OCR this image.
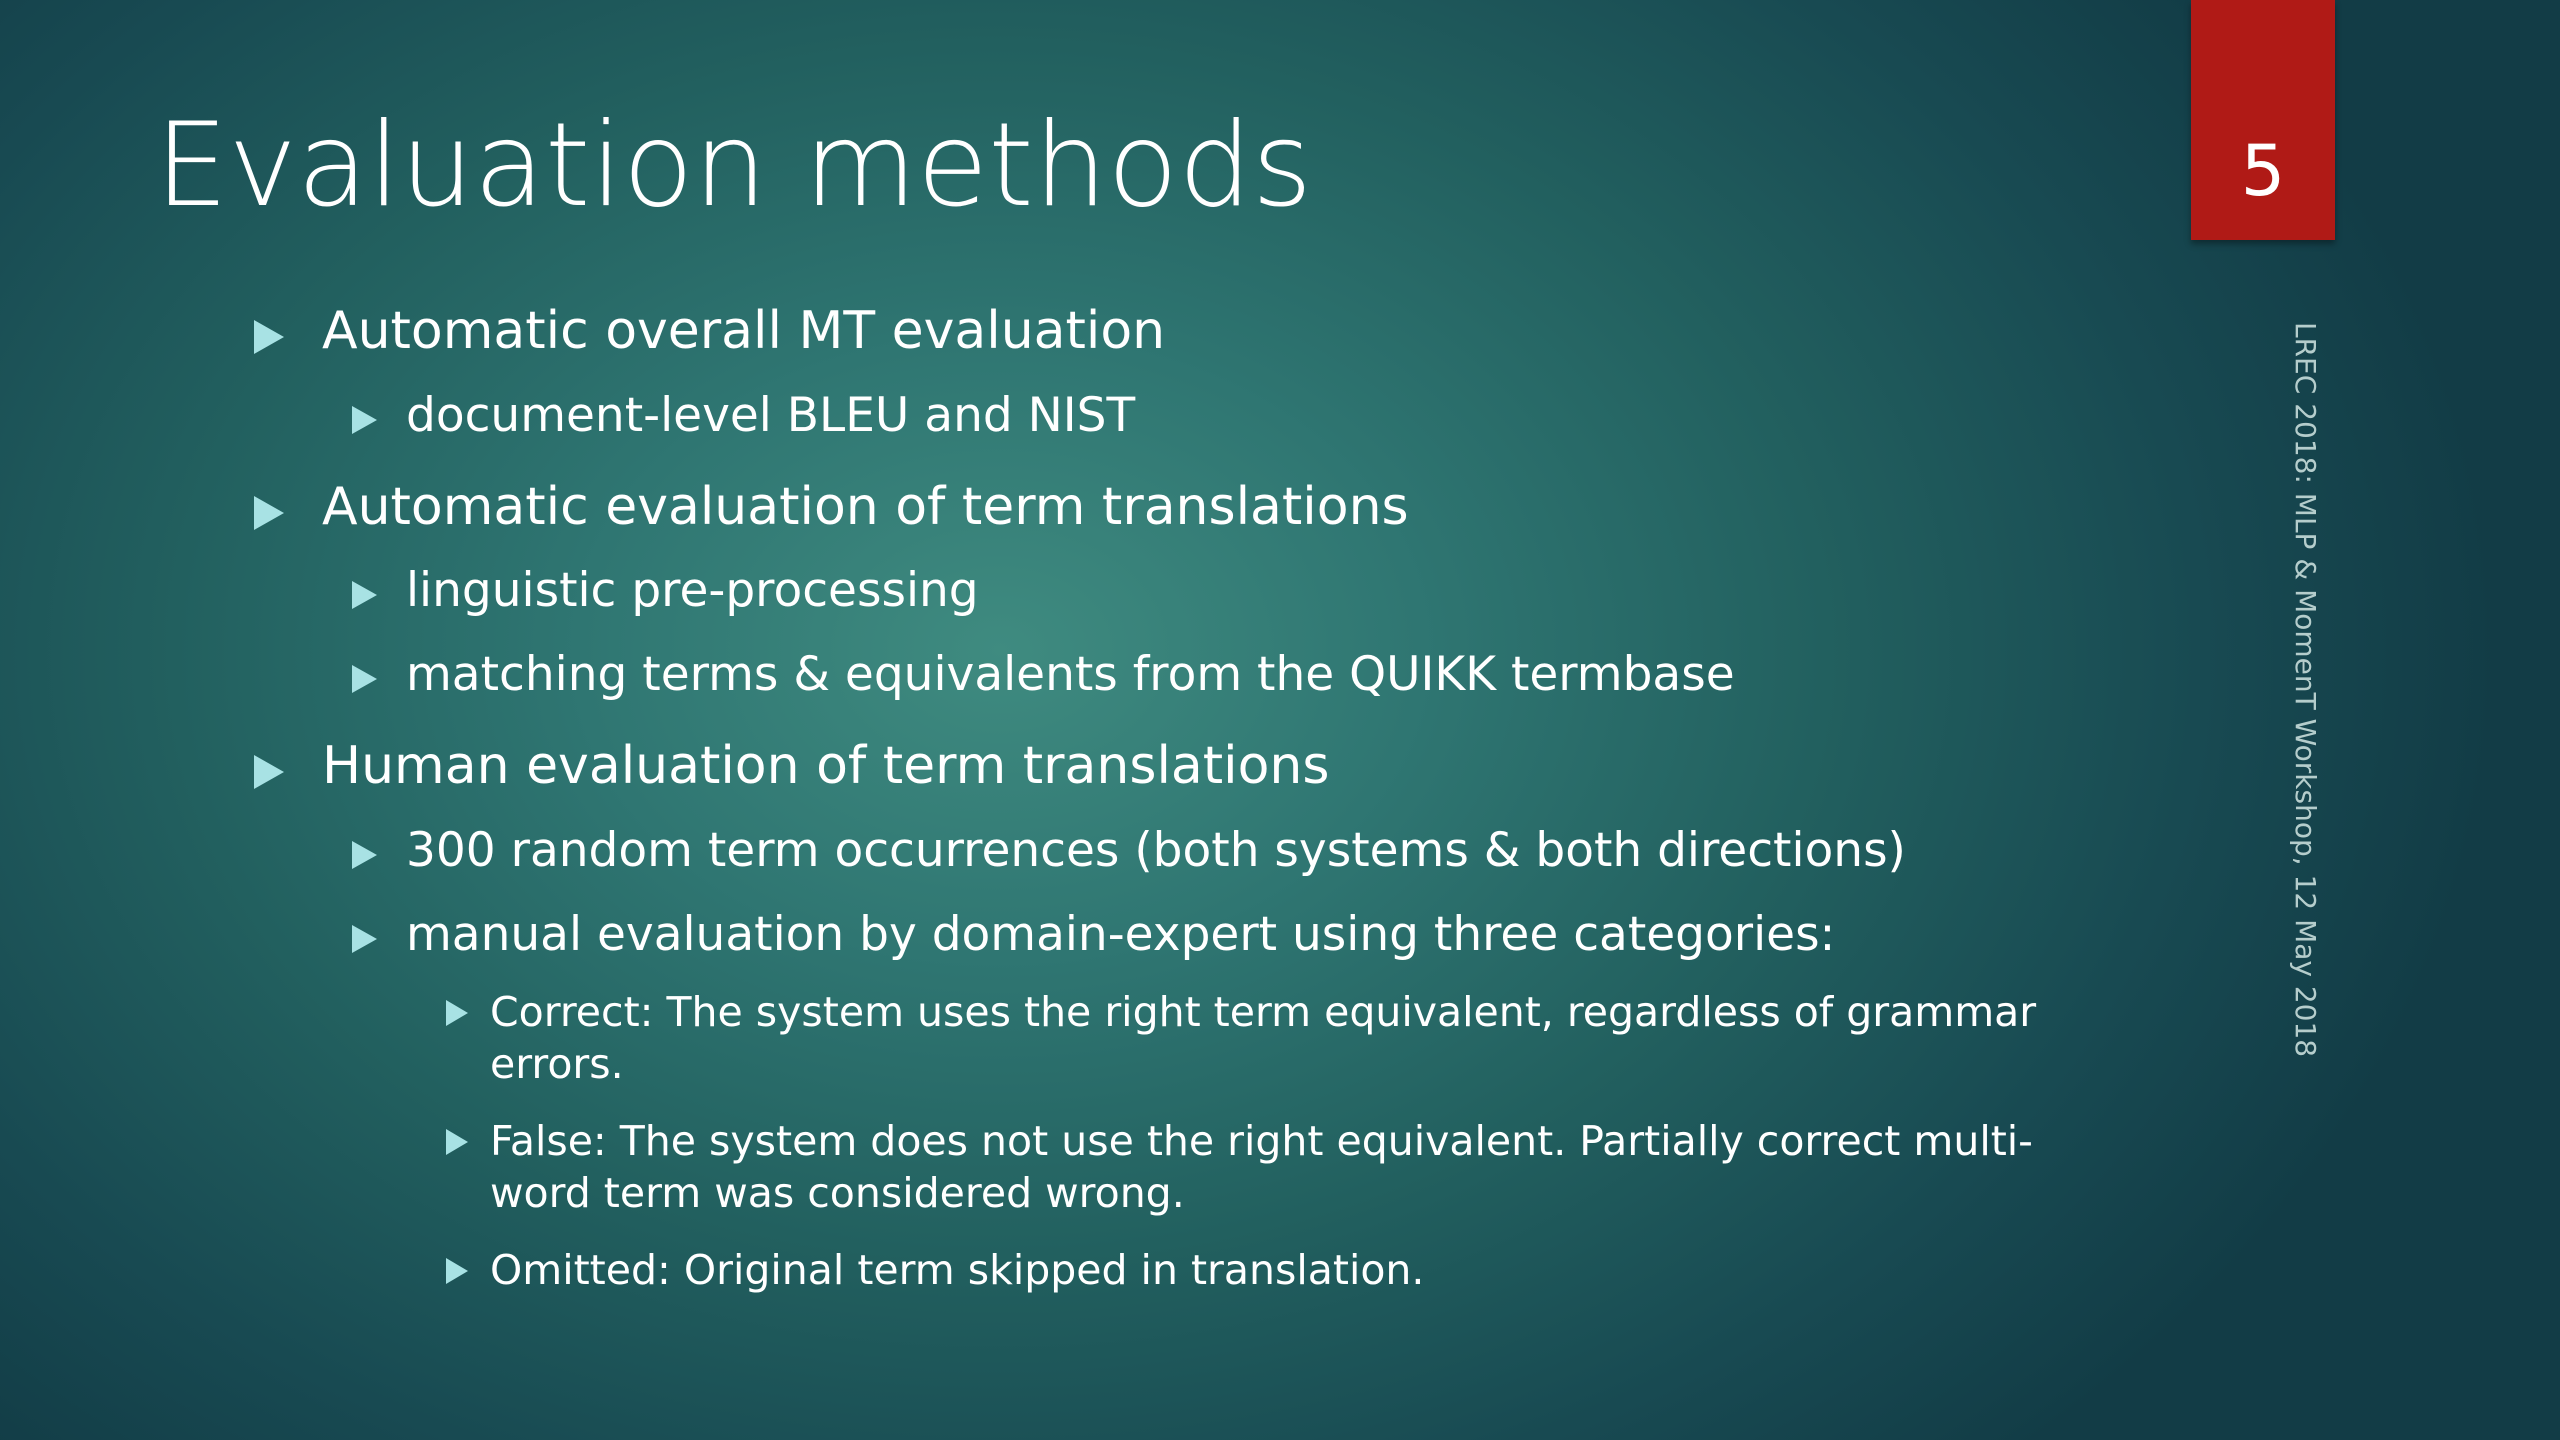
Evaluation methods	5
LREC 2018: MLP & MomenT Workshop, 12 May 2018
Automatic overall MT evaluation
document-level BLEU and NIST
Automatic evaluation of term translations
linguistic pre-processing
matching terms & equivalents from the QUIKK termbase
Human evaluation of term translations
300 random term occurrences (both systems & both directions)
manual evaluation by domain-expert using three categories:
Correct: The system uses the right term equivalent, regardless of grammar
errors.
False: The system does not use the right equivalent. Partially correct multi-
word term was considered wrong.
Omitted: Original term skipped in translation.
